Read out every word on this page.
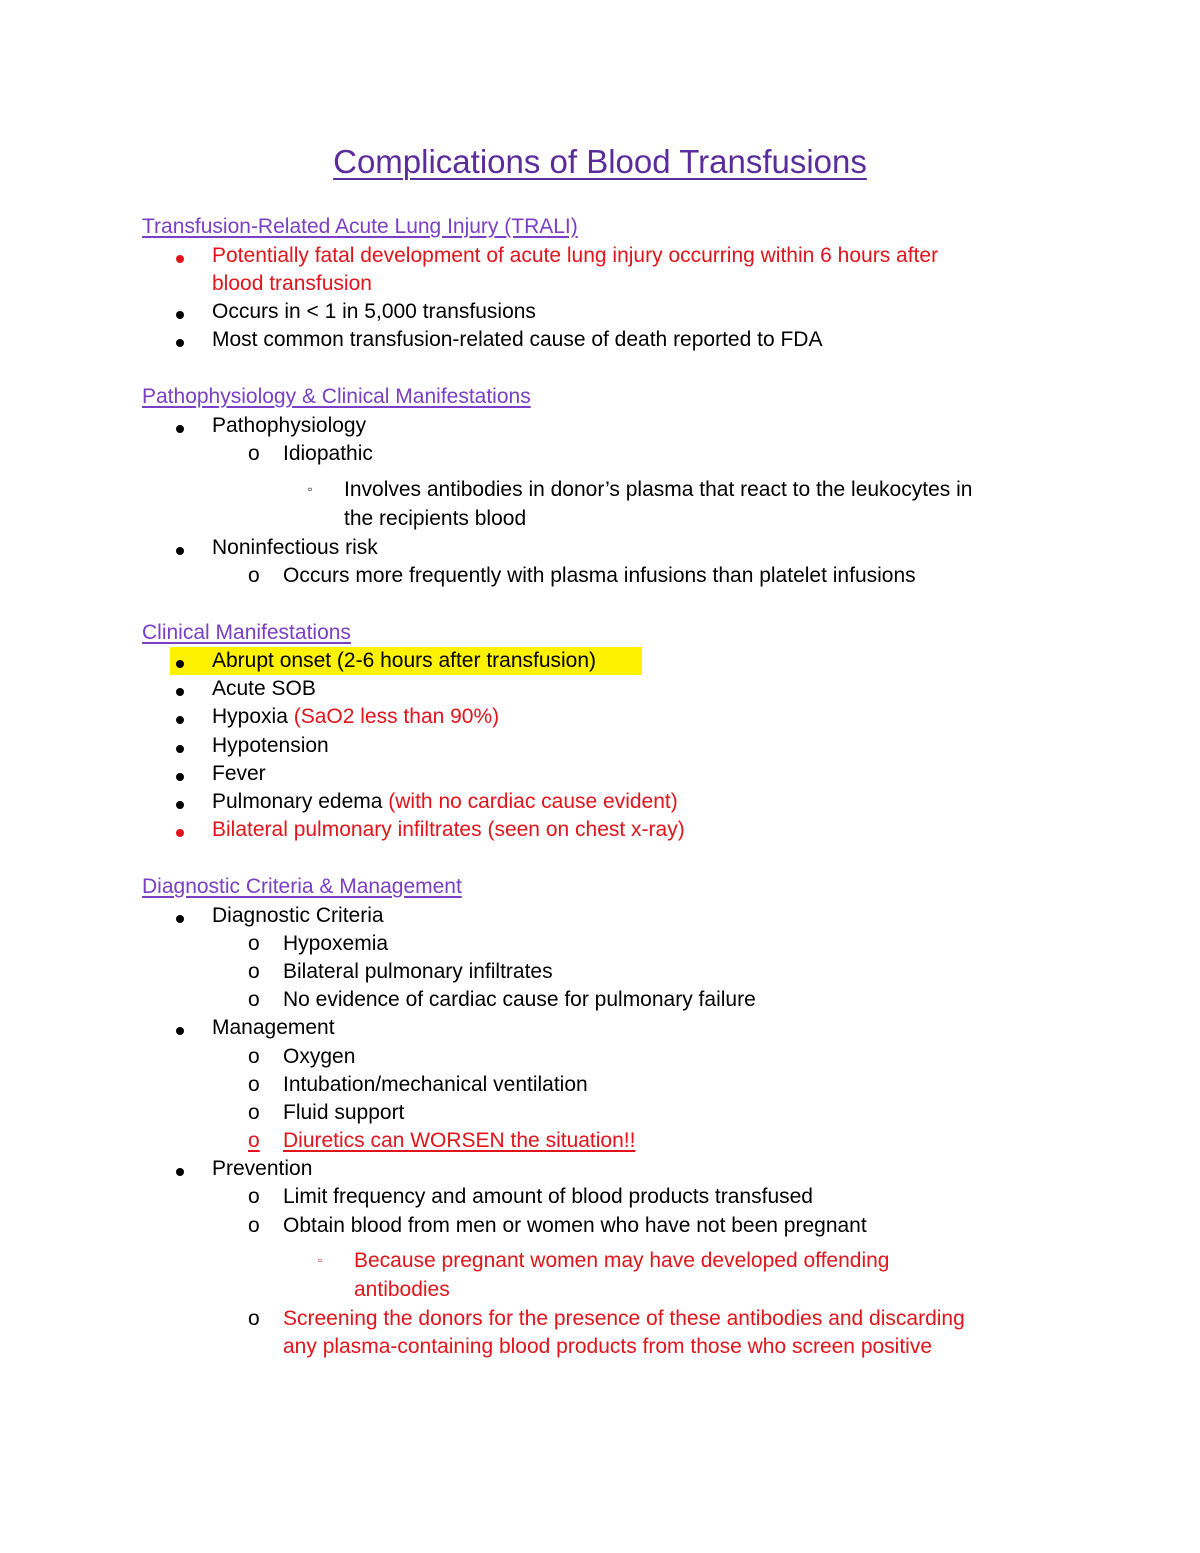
Complications of Blood Transfusions
Transfusion-Related Acute Lung Injury (TRALI)
Potentially fatal development of acute lung injury occurring within 6 hours after
blood transfusion
Occurs in < 1 in 5,000 transfusions
Most common transfusion-related cause of death reported to FDA
Pathophysiology & Clinical Manifestations
Pathophysiology
o Idiopathic
▫ Involves antibodies in donor’s plasma that react to the leukocytes in
the recipients blood
Noninfectious risk
o Occurs more frequently with plasma infusions than platelet infusions
Clinical Manifestations
Abrupt onset (2-6 hours after transfusion)
Acute SOB
Hypoxia (SaO2 less than 90%)
Hypotension
Fever
Pulmonary edema (with no cardiac cause evident)
Bilateral pulmonary infiltrates (seen on chest x-ray)
Diagnostic Criteria & Management
Diagnostic Criteria
o Hypoxemia
o Bilateral pulmonary infiltrates
o No evidence of cardiac cause for pulmonary failure
Management
o Oxygen
o Intubation/mechanical ventilation
o Fluid support
o	Diuretics can WORSEN the situation!!
Prevention
o Limit frequency and amount of blood products transfused
o Obtain blood from men or women who have not been pregnant
▫ Because pregnant women may have developed offending
antibodies
o Screening the donors for the presence of these antibodies and discarding
any plasma-containing blood products from those who screen positive
